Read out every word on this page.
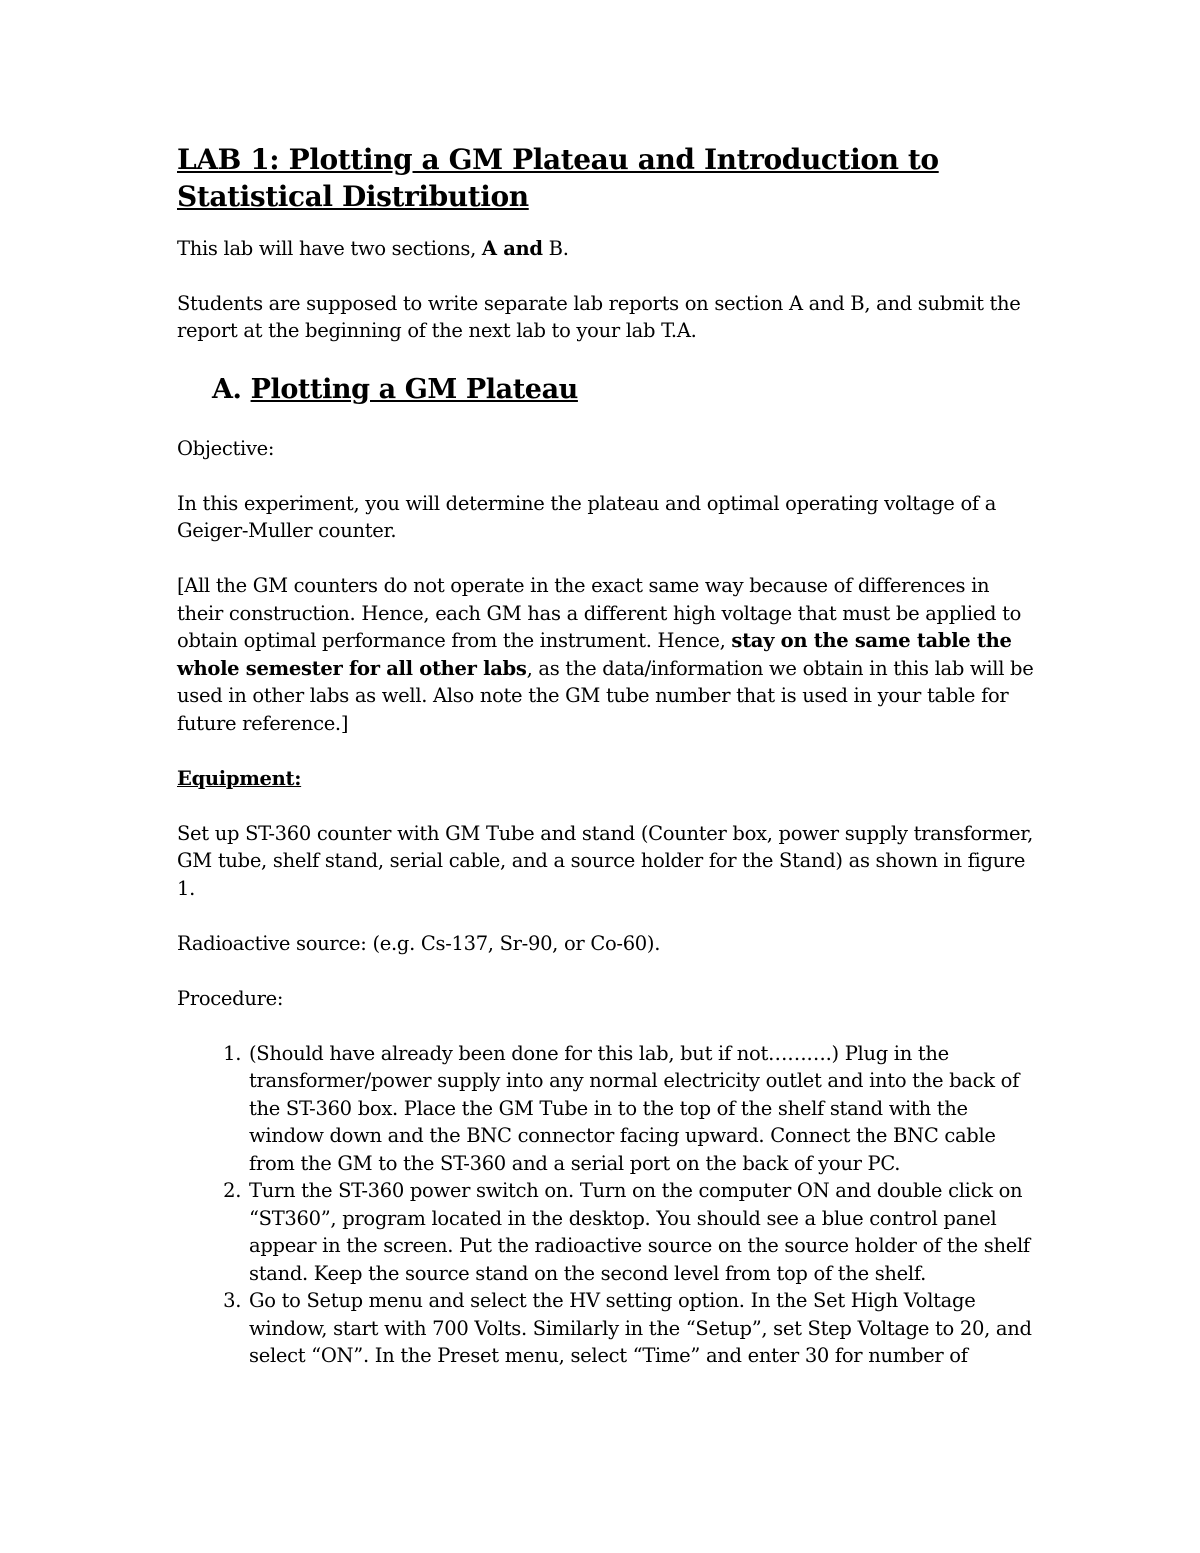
LAB 1: Plotting a GM Plateau and Introduction to Statistical Distribution

This lab will have two sections, A and B.

Students are supposed to write separate lab reports on section A and B, and submit the report at the beginning of the next lab to your lab T.A.

A. Plotting a GM Plateau

Objective:

In this experiment, you will determine the plateau and optimal operating voltage of a Geiger-Muller counter.

[All the GM counters do not operate in the exact same way because of differences in their construction. Hence, each GM has a different high voltage that must be applied to obtain optimal performance from the instrument. Hence, stay on the same table the whole semester for all other labs, as the data/information we obtain in this lab will be used in other labs as well. Also note the GM tube number that is used in your table for future reference.]

Equipment:

Set up ST-360 counter with GM Tube and stand (Counter box, power supply transformer, GM tube, shelf stand, serial cable, and a source holder for the Stand) as shown in figure 1.

Radioactive source: (e.g. Cs-137, Sr-90, or Co-60).

Procedure:

1. (Should have already been done for this lab, but if not……….) Plug in the transformer/power supply into any normal electricity outlet and into the back of the ST-360 box. Place the GM Tube in to the top of the shelf stand with the window down and the BNC connector facing upward. Connect the BNC cable from the GM to the ST-360 and a serial port on the back of your PC.
2. Turn the ST-360 power switch on. Turn on the computer ON and double click on “ST360”, program located in the desktop. You should see a blue control panel appear in the screen. Put the radioactive source on the source holder of the shelf stand. Keep the source stand on the second level from top of the shelf.
3. Go to Setup menu and select the HV setting option. In the Set High Voltage window, start with 700 Volts. Similarly in the “Setup”, set Step Voltage to 20, and select “ON”. In the Preset menu, select “Time” and enter 30 for number of
